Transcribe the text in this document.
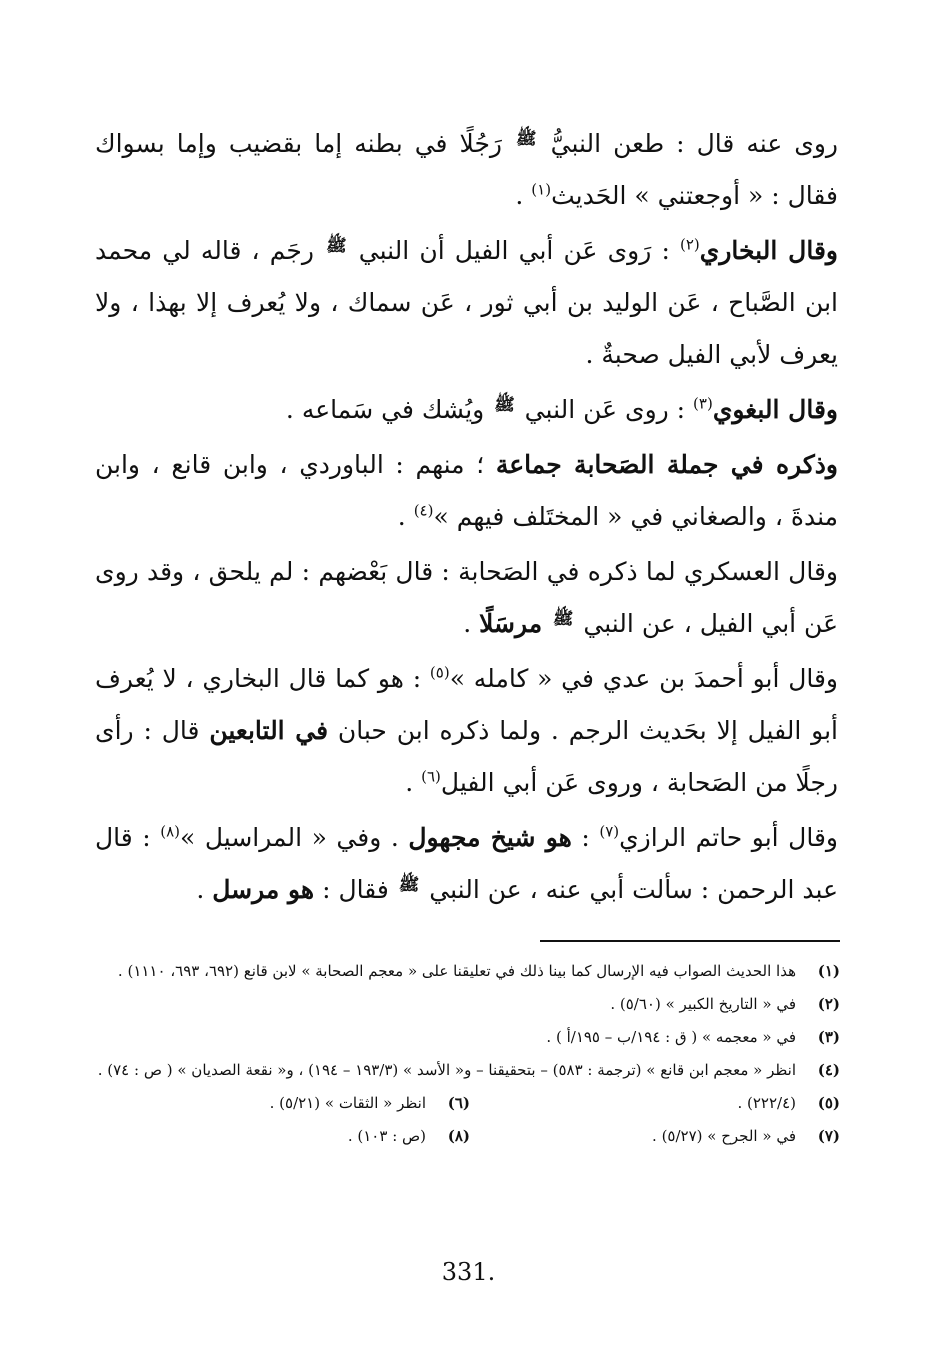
روى عنه قال : طعن النبيُّ ﷺ رَجُلًا في بطنه إما بقضيب وإما بسواك فقال : « أوجعتني » الحَديث$^{(١)}$ .

وقال البخاري$^{(٢)}$ : رَوى عَن أبي الفيل أن النبي ﷺ رجَم ، قاله لي محمد ابن الصَّباح ، عَن الوليد بن أبي ثور ، عَن سماك ، ولا يُعرف إلا بهذا ، ولا يعرف لأبي الفيل صحبةٌ .

وقال البغوي$^{(٣)}$ : روى عَن النبي ﷺ ويُشك في سَماعه .

وذكره في جملة الصَحابة جماعة ؛ منهم : الباوردي ، وابن قانع ، وابن مندةَ ، والصغاني في « المختَلف فيهم »$^{(٤)}$ .

وقال العسكري لما ذكره في الصَحابة : قال بَعْضهم : لم يلحق ، وقد روى عَن أبي الفيل ، عن النبي ﷺ مرسَلًا .

وقال أبو أحمدَ بن عدي في « كامله »$^{(٥)}$ : هو كما قال البخاري ، لا يُعرف أبو الفيل إلا بحَديث الرجم . ولما ذكره ابن حبان في التابعين قال : رأى رجلًا من الصَحابة ، وروى عَن أبي الفيل$^{(٦)}$ .

وقال أبو حاتم الرازي$^{(٧)}$ : هو شيخ مجهول . وفي « المراسيل »$^{(٨)}$ : قال عبد الرحمن : سألت أبي عنه ، عن النبي ﷺ فقال : هو مرسل .

(١)
هذا الحديث الصواب فيه الإرسال كما بينا ذلك في تعليقنا على « معجم الصحابة » لابن قانع (٦٩٢، ٦٩٣، ١١١٠) .
(٢)
في « التاريخ الكبير » (٥/٦٠) .
(٣)
في « معجمه » ( ق : ١٩٤/ب – ١٩٥/أ ) .
(٤)
انظر « معجم ابن قانع » (ترجمة : ٥٨٣) – بتحقيقنا – و« الأسد » (١٩٣/٣ – ١٩٤) ، و« نقعة الصديان » ( ص : ٧٤) .
(٥)
(٢٢٢/٤) .
(٦)
انظر « الثقات » (٥/٢١) .
(٧)
في « الجرح » (٥/٢٧) .
(٨)
(ص : ١٠٣) .
331.
